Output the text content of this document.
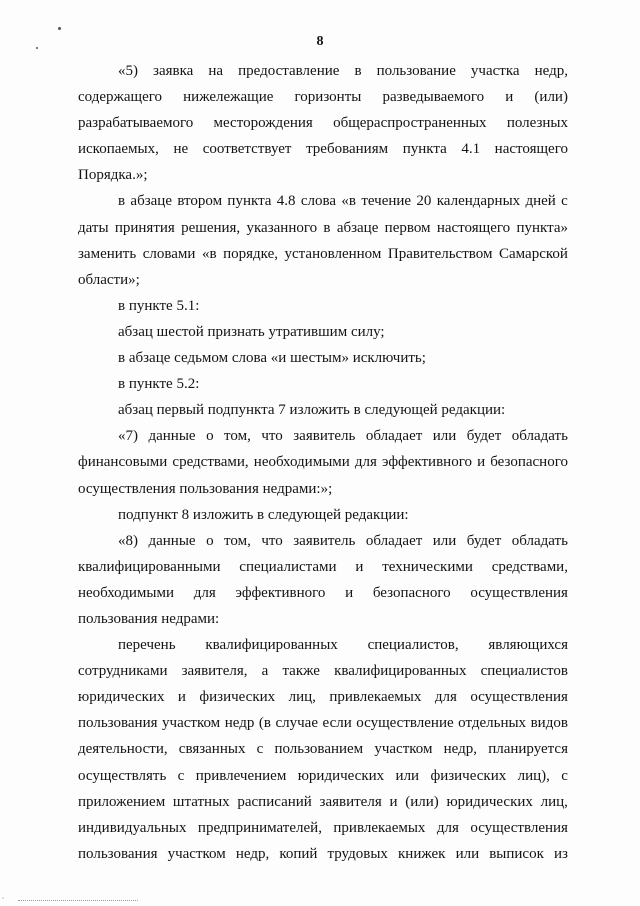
8
«5) заявка на предоставление в пользование участка недр,
содержащего нижележащие горизонты разведываемого и (или)
разрабатываемого месторождения общераспространенных полезных
ископаемых, не соответствует требованиям пункта 4.1 настоящего
Порядка.»;
в абзаце втором пункта 4.8 слова «в течение 20 календарных дней с
даты принятия решения, указанного в абзаце первом настоящего пункта»
заменить словами «в порядке, установленном Правительством Самарской
области»;
в пункте 5.1:
абзац шестой признать утратившим силу;
в абзаце седьмом слова «и шестым» исключить;
в пункте 5.2:
абзац первый подпункта 7 изложить в следующей редакции:
«7) данные о том, что заявитель обладает или будет обладать
финансовыми средствами, необходимыми для эффективного и безопасного
осуществления пользования недрами:»;
подпункт 8 изложить в следующей редакции:
«8) данные о том, что заявитель обладает или будет обладать
квалифицированными специалистами и техническими средствами,
необходимыми для эффективного и безопасного осуществления
пользования недрами:
перечень квалифицированных специалистов, являющихся
сотрудниками заявителя, а также квалифицированных специалистов
юридических и физических лиц, привлекаемых для осуществления
пользования участком недр (в случае если осуществление отдельных видов
деятельности, связанных с пользованием участком недр, планируется
осуществлять с привлечением юридических или физических лиц), с
приложением штатных расписаний заявителя и (или) юридических лиц,
индивидуальных предпринимателей, привлекаемых для осуществления
пользования участком недр, копий трудовых книжек или выписок из
ﾟ
